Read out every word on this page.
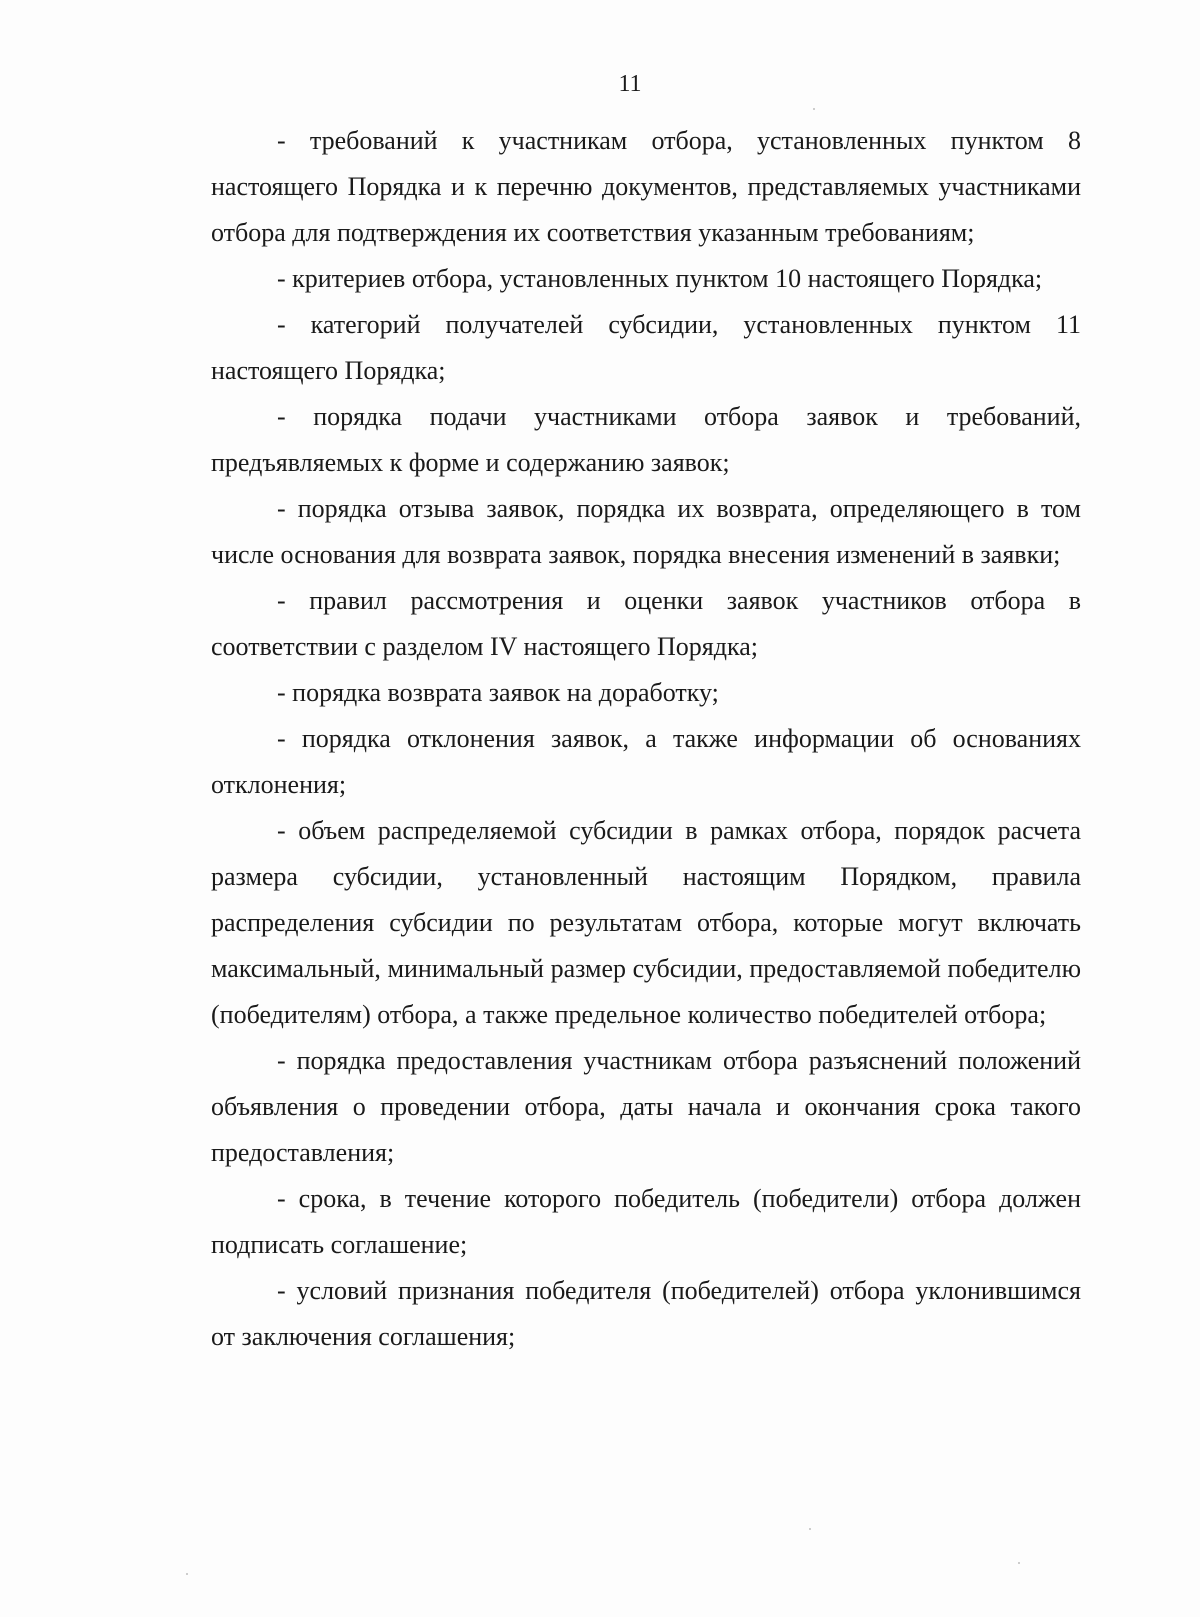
11

- требований к участникам отбора, установленных пунктом 8 настоящего Порядка и к перечню документов, представляемых участниками отбора для подтверждения их соответствия указанным требованиям;

- критериев отбора, установленных пунктом 10 настоящего Порядка;

- категорий получателей субсидии, установленных пунктом 11 настоящего Порядка;

- порядка подачи участниками отбора заявок и требований, предъявляемых к форме и содержанию заявок;

- порядка отзыва заявок, порядка их возврата, определяющего в том числе основания для возврата заявок, порядка внесения изменений в заявки;

- правил рассмотрения и оценки заявок участников отбора в соответствии с разделом IV настоящего Порядка;

- порядка возврата заявок на доработку;

- порядка отклонения заявок, а также информации об основаниях отклонения;

- объем распределяемой субсидии в рамках отбора, порядок расчета размера субсидии, установленный настоящим Порядком, правила распределения субсидии по результатам отбора, которые могут включать максимальный, минимальный размер субсидии, предоставляемой победителю (победителям) отбора, а также предельное количество победителей отбора;

- порядка предоставления участникам отбора разъяснений положений объявления о проведении отбора, даты начала и окончания срока такого предоставления;

- срока, в течение которого победитель (победители) отбора должен подписать соглашение;

- условий признания победителя (победителей) отбора уклонившимся от заключения соглашения;
